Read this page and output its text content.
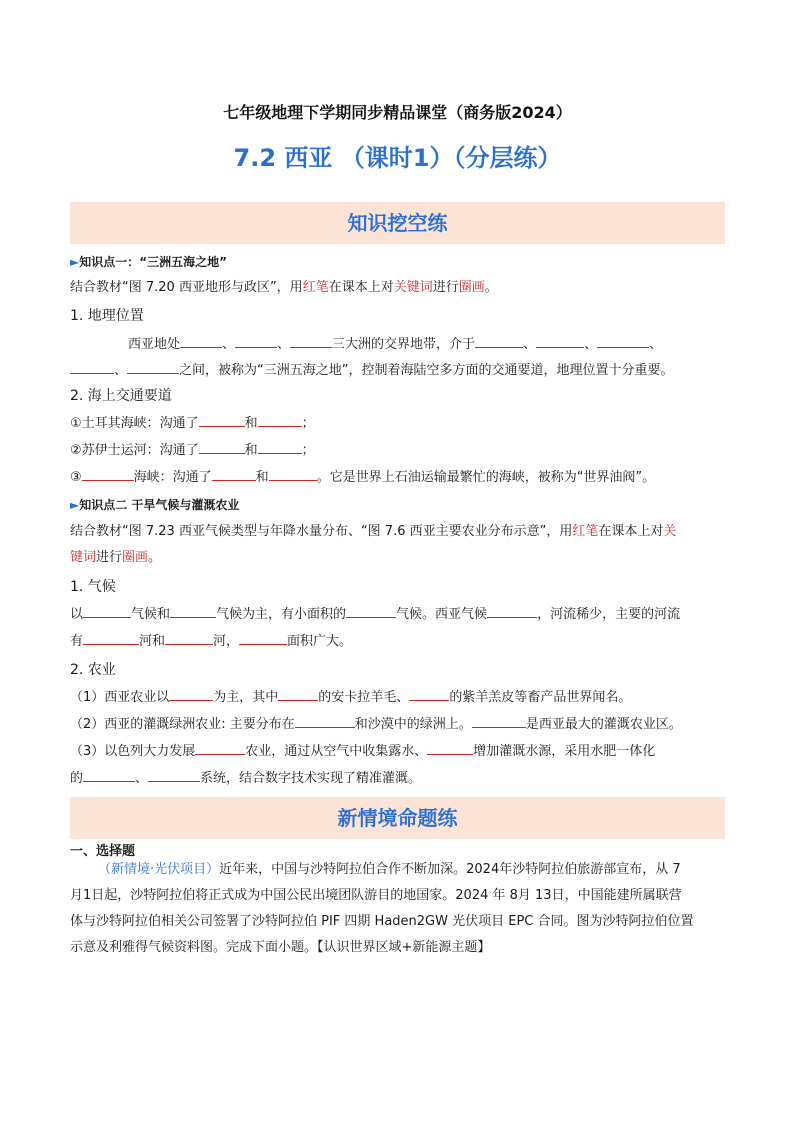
七年级地理下学期同步精品课堂（商务版2024）
7.2 西亚 （课时1）（分层练）
知识挖空练
►知识点一：“三洲五海之地”
结合教材“图 7.20 西亚地形与政区”，用红笔在课本上对关键词进行圈画。
1. 地理位置
西亚地处	、	、	三大洲的交界地带，介于	、	、	、
、	之间，被称为“三洲五海之地”，控制着海陆空多方面的交通要道，地理位置十分重要。
2. 海上交通要道
①土耳其海峡：沟通了	和	；
②苏伊士运河：沟通了	和	；
③	海峡：沟通了	和	。它是世界上石油运输最繁忙的海峡，被称为“世界油阀”。
►知识点二 干旱气候与灌溉农业
结合教材“图 7.23 西亚气候类型与年降水量分布、“图 7.6 西亚主要农业分布示意”，用红笔在课本上对关
键词进行圈画。
1. 气候
以	气候和	气候为主，有小面积的	气候。西亚气候	，河流稀少，主要的河流
有	河和	河，	面积广大。
2. 农业
（1）西亚农业以	为主，其中	的安卡拉羊毛、	的紫羊羔皮等畜产品世界闻名。
（2）西亚的灌溉绿洲农业: 主要分布在	和沙漠中的绿洲上。	是西亚最大的灌溉农业区。
（3）以色列大力发展	农业，通过从空气中收集露水、	增加灌溉水源，采用水肥一体化
的	、	系统，结合数字技术实现了精准灌溉。
新情境命题练
一、选择题
（新情境·光伏项目）近年来，中国与沙特阿拉伯合作不断加深。2024年沙特阿拉伯旅游部宣布，从 7
月1日起，沙特阿拉伯将正式成为中国公民出境团队游目的地国家。2024 年 8月 13日，中国能建所属联营
体与沙特阿拉伯相关公司签署了沙特阿拉伯 PIF 四期 Haden2GW 光伏项目 EPC 合同。图为沙特阿拉伯位置
示意及利雅得气候资料图。完成下面小题。【认识世界区域+新能源主题】
